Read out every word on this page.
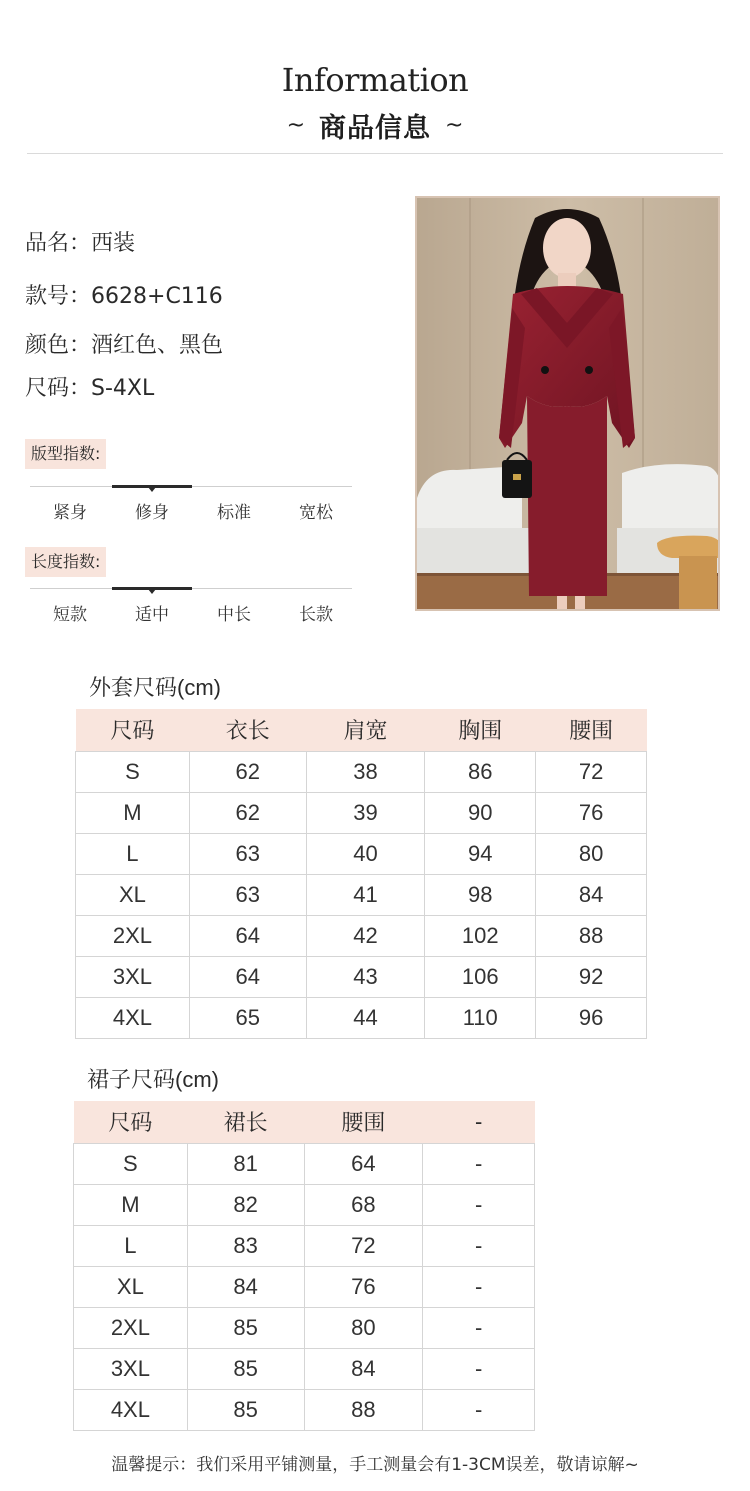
Information
~ 商品信息 ~
品名： 西装
款号： 6628+C116
颜色： 酒红色、黑色
尺码： S-4XL
版型指数:
紧身	修身	标准	宽松
长度指数:
短款	适中	中长	长款
外套尺码(cm)
尺码	衣长	肩宽	胸围	腰围
S	62	38	86	72
M	62	39	90	76
L	63	40	94	80
XL	63	41	98	84
2XL	64	42	102	88
3XL	64	43	106	92
4XL	65	44	110	96
裙子尺码(cm)
尺码	裙长	腰围	-
S	81	64	-
M	82	68	-
L	83	72	-
XL	84	76	-
2XL	85	80	-
3XL	85	84	-
4XL	85	88	-
温馨提示：我们采用平铺测量，手工测量会有1-3CM误差，敬请谅解~
